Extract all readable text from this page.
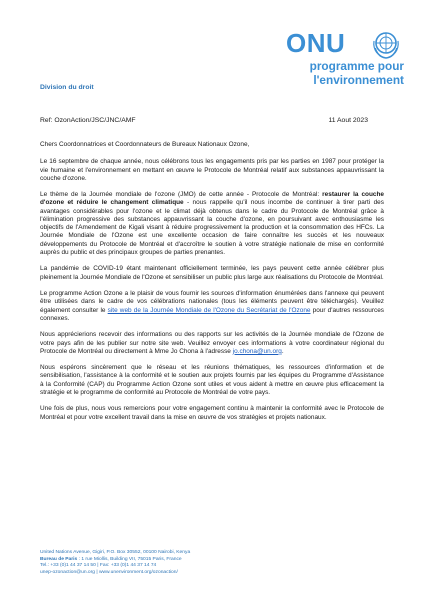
ONU
programme pour
l'environnement
Division du droit
Ref: OzonAction/JSC/JNC/AMF	11 Aout 2023

Chers Coordonnatrices et Coordonnateurs de Bureaux Nationaux Ozone,

Le 16 septembre de chaque année, nous célébrons tous les engagements pris par les parties en 1987 pour protéger la vie humaine et l'environnement en mettant en œuvre le Protocole de Montréal relatif aux substances appauvrissant la couche d'ozone.

Le thème de la Journée mondiale de l'ozone (JMO) de cette année - Protocole de Montréal: restaurer la couche d'ozone et réduire le changement climatique - nous rappelle qu'il nous incombe de continuer à tirer parti des avantages considérables pour l'ozone et le climat déjà obtenus dans le cadre du Protocole de Montréal grâce à l'élimination progressive des substances appauvrissant la couche d'ozone, en poursuivant avec enthousiasme les objectifs de l'Amendement de Kigali visant à réduire progressivement la production et la consommation des HFCs. La Journée Mondiale de l'Ozone est une excellente occasion de faire connaître les succès et les nouveaux développements du Protocole de Montréal et d'accroître le soutien à votre stratégie nationale de mise en conformité auprès du public et des principaux groupes de parties prenantes.

La pandémie de COVID-19 étant maintenant officiellement terminée, les pays peuvent cette année célébrer plus pleinement la Journée Mondiale de l'Ozone et sensibiliser un public plus large aux réalisations du Protocole de Montréal.

Le programme Action Ozone a le plaisir de vous fournir les sources d'information énumérées dans l'annexe qui peuvent être utilisées dans le cadre de vos célébrations nationales (tous les éléments peuvent être téléchargés). Veuillez également consulter le site web de la Journée Mondiale de l'Ozone du Secrétariat de l'Ozone pour d'autres ressources connexes.

Nous apprécierions recevoir des informations ou des rapports sur les activités de la Journée mondiale de l'Ozone de votre pays afin de les publier sur notre site web. Veuillez envoyer ces informations à votre coordinateur régional du Protocole de Montréal ou directement à Mme Jo Chona à l'adresse jo.chona@un.org.

Nous espérons sincèrement que le réseau et les réunions thématiques, les ressources d'information et de sensibilisation, l'assistance à la conformité et le soutien aux projets fournis par les équipes du Programme d'Assistance à la Conformité (CAP) du Programme Action Ozone sont utiles et vous aident à mettre en œuvre plus efficacement la stratégie et le programme de conformité au Protocole de Montréal de votre pays.

Une fois de plus, nous vous remercions pour votre engagement continu à maintenir la conformité avec le Protocole de Montréal et pour votre excellent travail dans la mise en œuvre de vos stratégies et projets nationaux.

United Nations Avenue, Gigiri, P.O. Box 30552, 00100 Nairobi, Kenya
Bureau de Paris : 1 rue Miollis, Building VII, 75015 Paris, France
Tel.: +33 (0)1 44 37 14 50 | Fax: +33 (0)1 44 37 14 74
unep-ozonaction@un.org | www.unenvironment.org/ozonaction/
